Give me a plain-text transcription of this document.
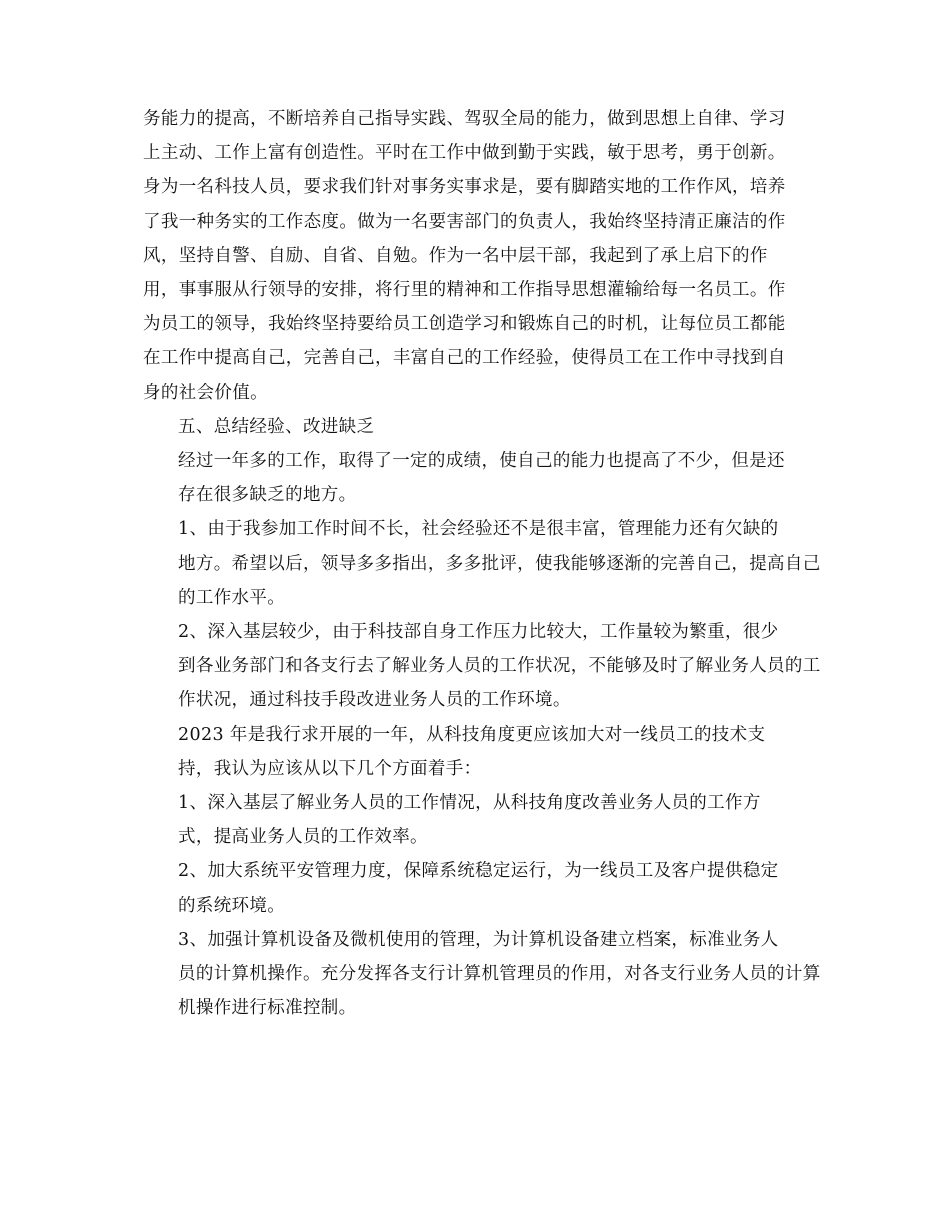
务能力的提高，不断培养自己指导实践、驾驭全局的能力，做到思想上自律、学习
上主动、工作上富有创造性。平时在工作中做到勤于实践，敏于思考，勇于创新。
身为一名科技人员，要求我们针对事务实事求是，要有脚踏实地的工作作风，培养
了我一种务实的工作态度。做为一名要害部门的负责人，我始终坚持清正廉洁的作
风，坚持自警、自励、自省、自勉。作为一名中层干部，我起到了承上启下的作
用，事事服从行领导的安排，将行里的精神和工作指导思想灌输给每一名员工。作
为员工的领导，我始终坚持要给员工创造学习和锻炼自己的时机，让每位员工都能
在工作中提高自己，完善自己，丰富自己的工作经验，使得员工在工作中寻找到自
身的社会价值。

五、总结经验、改进缺乏

经过一年多的工作，取得了一定的成绩，使自己的能力也提高了不少，但是还
存在很多缺乏的地方。

1、由于我参加工作时间不长，社会经验还不是很丰富，管理能力还有欠缺的
地方。希望以后，领导多多指出，多多批评，使我能够逐渐的完善自己，提高自己
的工作水平。

2、深入基层较少，由于科技部自身工作压力比较大，工作量较为繁重，很少
到各业务部门和各支行去了解业务人员的工作状况，不能够及时了解业务人员的工
作状况，通过科技手段改进业务人员的工作环境。

2023 年是我行求开展的一年，从科技角度更应该加大对一线员工的技术支
持，我认为应该从以下几个方面着手：

1、深入基层了解业务人员的工作情况，从科技角度改善业务人员的工作方
式，提高业务人员的工作效率。

2、加大系统平安管理力度，保障系统稳定运行，为一线员工及客户提供稳定
的系统环境。

3、加强计算机设备及微机使用的管理，为计算机设备建立档案，标准业务人
员的计算机操作。充分发挥各支行计算机管理员的作用，对各支行业务人员的计算
机操作进行标准控制。
